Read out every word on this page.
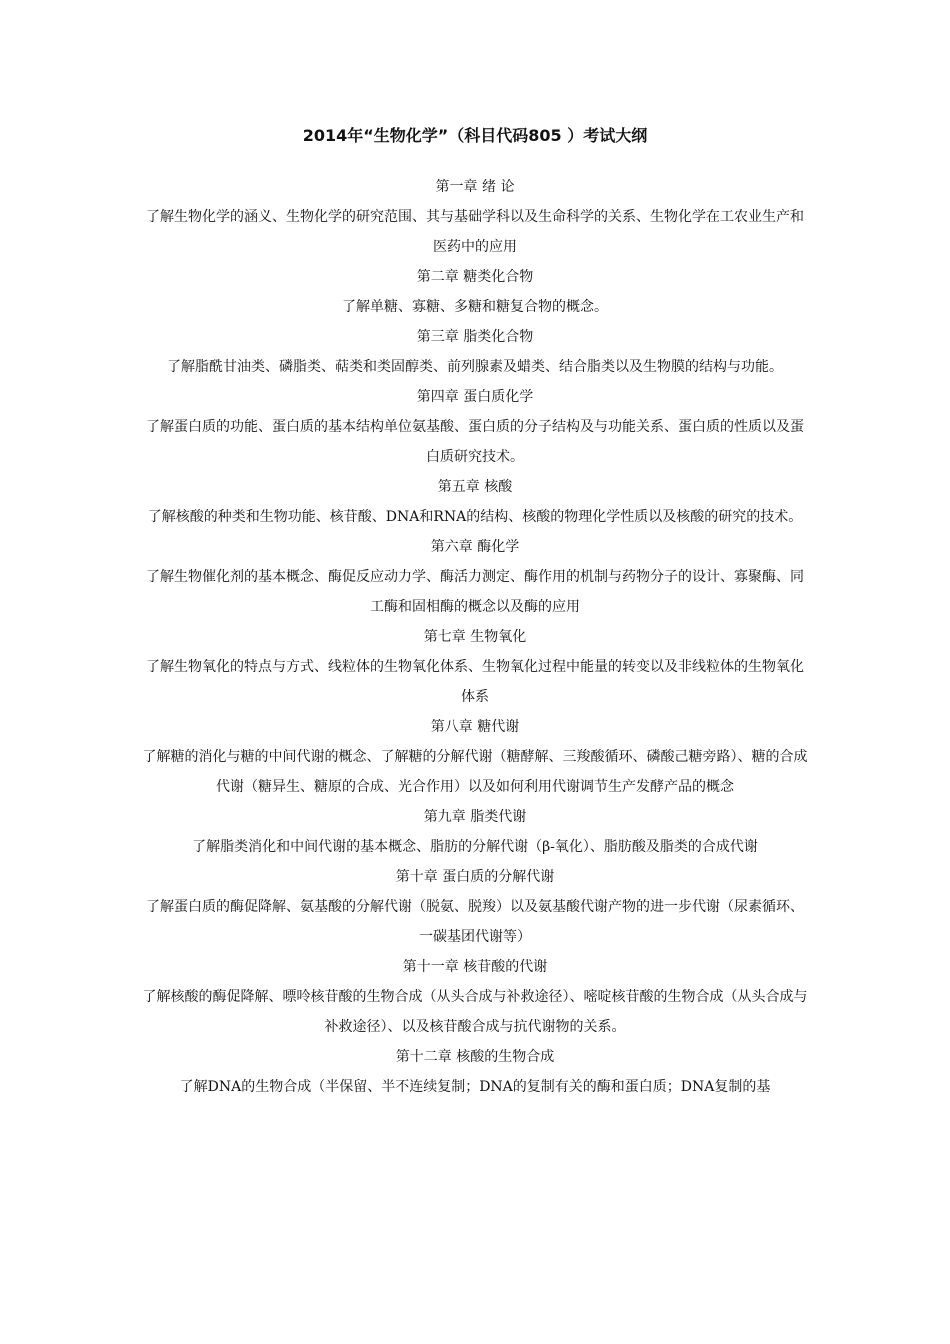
2014年“生物化学”（科目代码805 ）考试大纲
第一章 绪 论

了解生物化学的涵义、生物化学的研究范围、其与基础学科以及生命科学的关系、生物化学在工农业生产和医药中的应用

第二章 糖类化合物

了解单糖、寡糖、多糖和糖复合物的概念。

第三章 脂类化合物

了解脂酰甘油类、磷脂类、萜类和类固醇类、前列腺素及蜡类、结合脂类以及生物膜的结构与功能。

第四章 蛋白质化学

了解蛋白质的功能、蛋白质的基本结构单位氨基酸、蛋白质的分子结构及与功能关系、蛋白质的性质以及蛋白质研究技术。

第五章 核酸

了解核酸的种类和生物功能、核苷酸、DNA和RNA的结构、核酸的物理化学性质以及核酸的研究的技术。

第六章 酶化学

了解生物催化剂的基本概念、酶促反应动力学、酶活力测定、酶作用的机制与药物分子的设计、寡聚酶、同工酶和固相酶的概念以及酶的应用

第七章 生物氧化

了解生物氧化的特点与方式、线粒体的生物氧化体系、生物氧化过程中能量的转变以及非线粒体的生物氧化体系

第八章 糖代谢

了解糖的消化与糖的中间代谢的概念、了解糖的分解代谢（糖酵解、三羧酸循环、磷酸己糖旁路）、糖的合成代谢（糖异生、糖原的合成、光合作用）以及如何利用代谢调节生产发酵产品的概念

第九章 脂类代谢

了解脂类消化和中间代谢的基本概念、脂肪的分解代谢（β-氧化）、脂肪酸及脂类的合成代谢

第十章 蛋白质的分解代谢

了解蛋白质的酶促降解、氨基酸的分解代谢（脱氨、脱羧）以及氨基酸代谢产物的进一步代谢（尿素循环、一碳基团代谢等）

第十一章 核苷酸的代谢

了解核酸的酶促降解、嘌呤核苷酸的生物合成（从头合成与补救途径）、嘧啶核苷酸的生物合成（从头合成与补救途径）、以及核苷酸合成与抗代谢物的关系。

第十二章 核酸的生物合成

了解DNA的生物合成（半保留、半不连续复制；DNA的复制有关的酶和蛋白质；DNA复制的基
